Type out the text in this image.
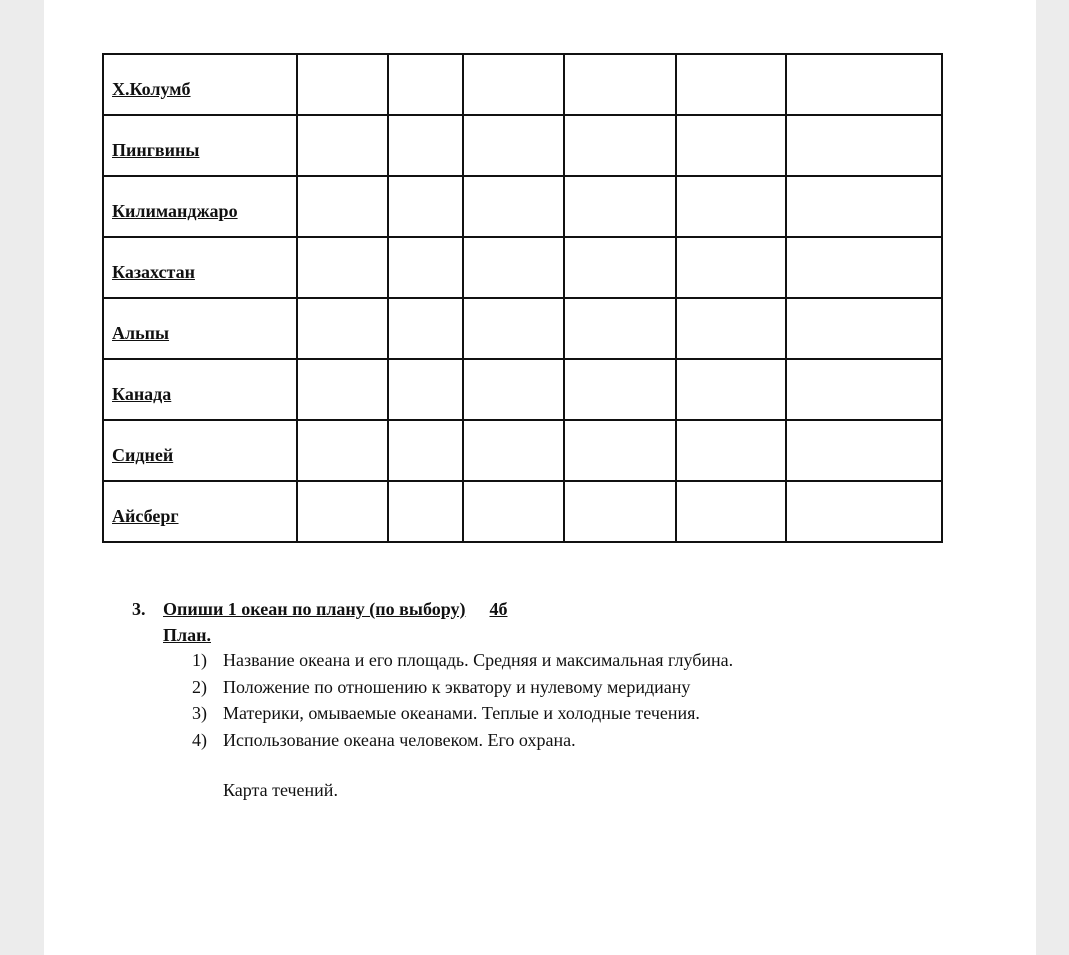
Х.Колумб						
Пингвины						
Килиманджаро						
Казахстан						
Альпы						
Канада						
Сидней						
Айсберг						
3. Опиши 1 океан по плану (по выбору) 4б
План.
1) Название океана и его площадь. Средняя и максимальная глубина.
2) Положение по отношению к экватору и нулевому меридиану
3) Материки, омываемые океанами. Теплые и холодные течения.
4) Использование океана человеком. Его охрана.
Карта течений.
